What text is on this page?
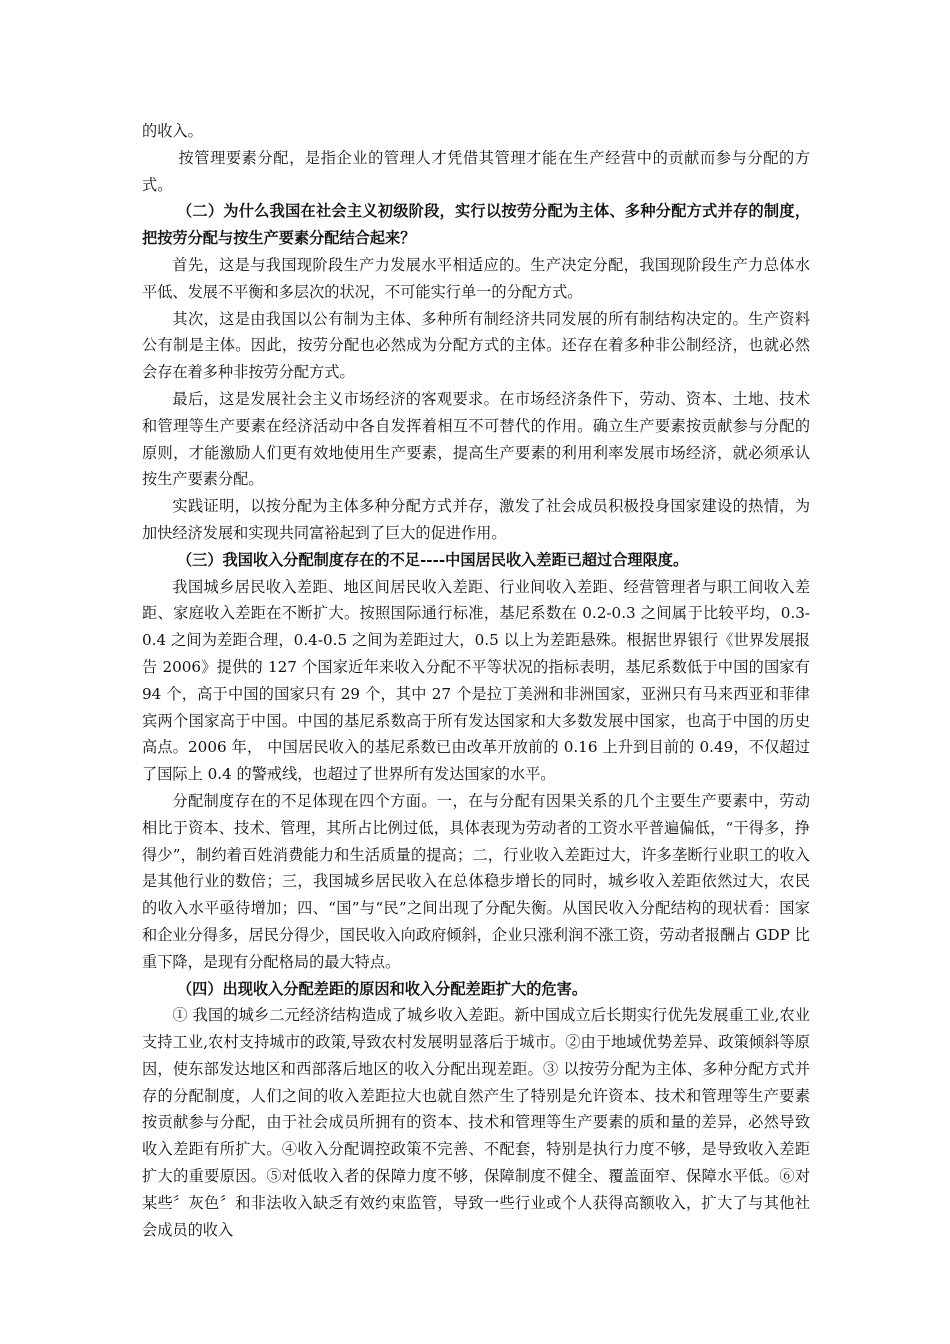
的收入。

按管理要素分配，是指企业的管理人才凭借其管理才能在生产经营中的贡献而参与分配的方式。

（二）为什么我国在社会主义初级阶段，实行以按劳分配为主体、多种分配方式并存的制度，把按劳分配与按生产要素分配结合起来？

首先，这是与我国现阶段生产力发展水平相适应的。生产决定分配，我国现阶段生产力总体水平低、发展不平衡和多层次的状况，不可能实行单一的分配方式。

其次，这是由我国以公有制为主体、多种所有制经济共同发展的所有制结构决定的。生产资料公有制是主体。因此，按劳分配也必然成为分配方式的主体。还存在着多种非公制经济，也就必然会存在着多种非按劳分配方式。

最后，这是发展社会主义市场经济的客观要求。在市场经济条件下，劳动、资本、土地、技术和管理等生产要素在经济活动中各自发挥着相互不可替代的作用。确立生产要素按贡献参与分配的原则，才能激励人们更有效地使用生产要素，提高生产要素的利用利率发展市场经济，就必须承认按生产要素分配。

实践证明，以按分配为主体多种分配方式并存，激发了社会成员积极投身国家建设的热情，为加快经济发展和实现共同富裕起到了巨大的促进作用。

（三）我国收入分配制度存在的不足----中国居民收入差距已超过合理限度。

我国城乡居民收入差距、地区间居民收入差距、行业间收入差距、经营管理者与职工间收入差距、家庭收入差距在不断扩大。按照国际通行标准，基尼系数在 0.2-0.3 之间属于比较平均，0.3-0.4 之间为差距合理，0.4-0.5 之间为差距过大，0.5 以上为差距悬殊。根据世界银行《世界发展报告 2006》提供的 127 个国家近年来收入分配不平等状况的指标表明，基尼系数低于中国的国家有 94 个，高于中国的国家只有 29 个，其中 27 个是拉丁美洲和非洲国家，亚洲只有马来西亚和菲律宾两个国家高于中国。中国的基尼系数高于所有发达国家和大多数发展中国家，也高于中国的历史高点。2006 年， 中国居民收入的基尼系数已由改革开放前的 0.16 上升到目前的 0.49，不仅超过了国际上 0.4 的警戒线，也超过了世界所有发达国家的水平。

分配制度存在的不足体现在四个方面。一，在与分配有因果关系的几个主要生产要素中，劳动相比于资本、技术、管理，其所占比例过低，具体表现为劳动者的工资水平普遍偏低，“干得多，挣得少”，制约着百姓消费能力和生活质量的提高；二，行业收入差距过大，许多垄断行业职工的收入是其他行业的数倍；三，我国城乡居民收入在总体稳步增长的同时，城乡收入差距依然过大，农民的收入水平亟待增加；四、“国”与“民”之间出现了分配失衡。从国民收入分配结构的现状看：国家和企业分得多，居民分得少，国民收入向政府倾斜，企业只涨利润不涨工资，劳动者报酬占 GDP 比重下降，是现有分配格局的最大特点。

（四）出现收入分配差距的原因和收入分配差距扩大的危害。

① 我国的城乡二元经济结构造成了城乡收入差距。新中国成立后长期实行优先发展重工业,农业支持工业,农村支持城市的政策,导致农村发展明显落后于城市。②由于地域优势差异、政策倾斜等原因，使东部发达地区和西部落后地区的收入分配出现差距。③ 以按劳分配为主体、多种分配方式并存的分配制度，人们之间的收入差距拉大也就自然产生了特别是允许资本、技术和管理等生产要素按贡献参与分配，由于社会成员所拥有的资本、技术和管理等生产要素的质和量的差异，必然导致收入差距有所扩大。④收入分配调控政策不完善、不配套，特别是执行力度不够，是导致收入差距扩大的重要原因。⑤对低收入者的保障力度不够，保障制度不健全、覆盖面窄、保障水平低。⑥对某些〞灰色〞和非法收入缺乏有效约束监管，导致一些行业或个人获得高额收入，扩大了与其他社会成员的收入
